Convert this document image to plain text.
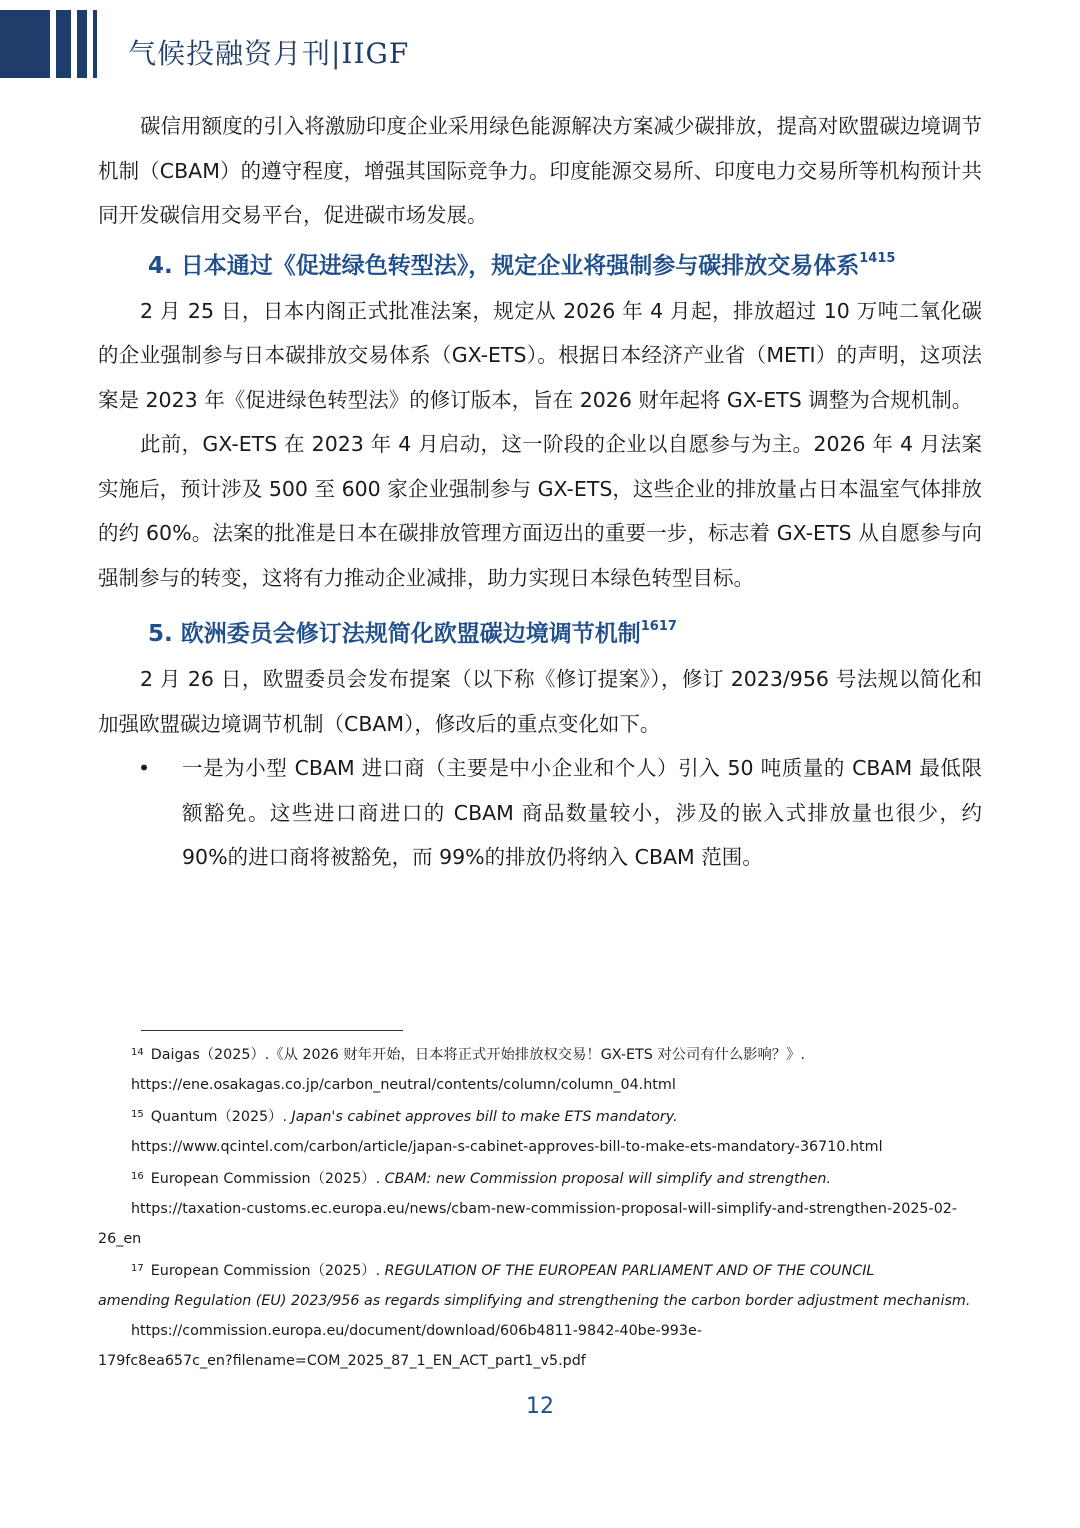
气候投融资月刊|IIGF

碳信用额度的引入将激励印度企业采用绿色能源解决方案减少碳排放，提高对欧盟碳边境调节机制（CBAM）的遵守程度，增强其国际竞争力。印度能源交易所、印度电力交易所等机构预计共同开发碳信用交易平台，促进碳市场发展。

4. 日本通过《促进绿色转型法》，规定企业将强制参与碳排放交易体系$^{1415}$

2 月 25 日，日本内阁正式批准法案，规定从 2026 年 4 月起，排放超过 10 万吨二氧化碳的企业强制参与日本碳排放交易体系（GX-ETS）。根据日本经济产业省（METI）的声明，这项法案是 2023 年《促进绿色转型法》的修订版本，旨在 2026 财年起将 GX-ETS 调整为合规机制。

此前，GX-ETS 在 2023 年 4 月启动，这一阶段的企业以自愿参与为主。2026 年 4 月法案实施后，预计涉及 500 至 600 家企业强制参与 GX-ETS，这些企业的排放量占日本温室气体排放的约 60%。法案的批准是日本在碳排放管理方面迈出的重要一步，标志着 GX-ETS 从自愿参与向强制参与的转变，这将有力推动企业减排，助力实现日本绿色转型目标。

5. 欧洲委员会修订法规简化欧盟碳边境调节机制$^{1617}$

2 月 26 日，欧盟委员会发布提案（以下称《修订提案》），修订 2023/956 号法规以简化和加强欧盟碳边境调节机制（CBAM），修改后的重点变化如下。

• 一是为小型 CBAM 进口商（主要是中小企业和个人）引入 50 吨质量的 CBAM 最低限额豁免。这些进口商进口的 CBAM 商品数量较小，涉及的嵌入式排放量也很少，约 90%的进口商将被豁免，而 99%的排放仍将纳入 CBAM 范围。
$^{14}$ Daigas（2025）.《从 2026 财年开始，日本将正式开始排放权交易！GX-ETS 对公司有什么影响？》.
https://ene.osakagas.co.jp/carbon_neutral/contents/column/column_04.html
$^{15}$ Quantum（2025）. Japan's cabinet approves bill to make ETS mandatory.
https://www.qcintel.com/carbon/article/japan-s-cabinet-approves-bill-to-make-ets-mandatory-36710.html
$^{16}$ European Commission（2025）. CBAM: new Commission proposal will simplify and strengthen.
https://taxation-customs.ec.europa.eu/news/cbam-new-commission-proposal-will-simplify-and-strengthen-2025-02-
26_en
$^{17}$ European Commission（2025）. REGULATION OF THE EUROPEAN PARLIAMENT AND OF THE COUNCIL
amending Regulation (EU) 2023/956 as regards simplifying and strengthening the carbon border adjustment mechanism.
https://commission.europa.eu/document/download/606b4811-9842-40be-993e-
179fc8ea657c_en?filename=COM_2025_87_1_EN_ACT_part1_v5.pdf
12
